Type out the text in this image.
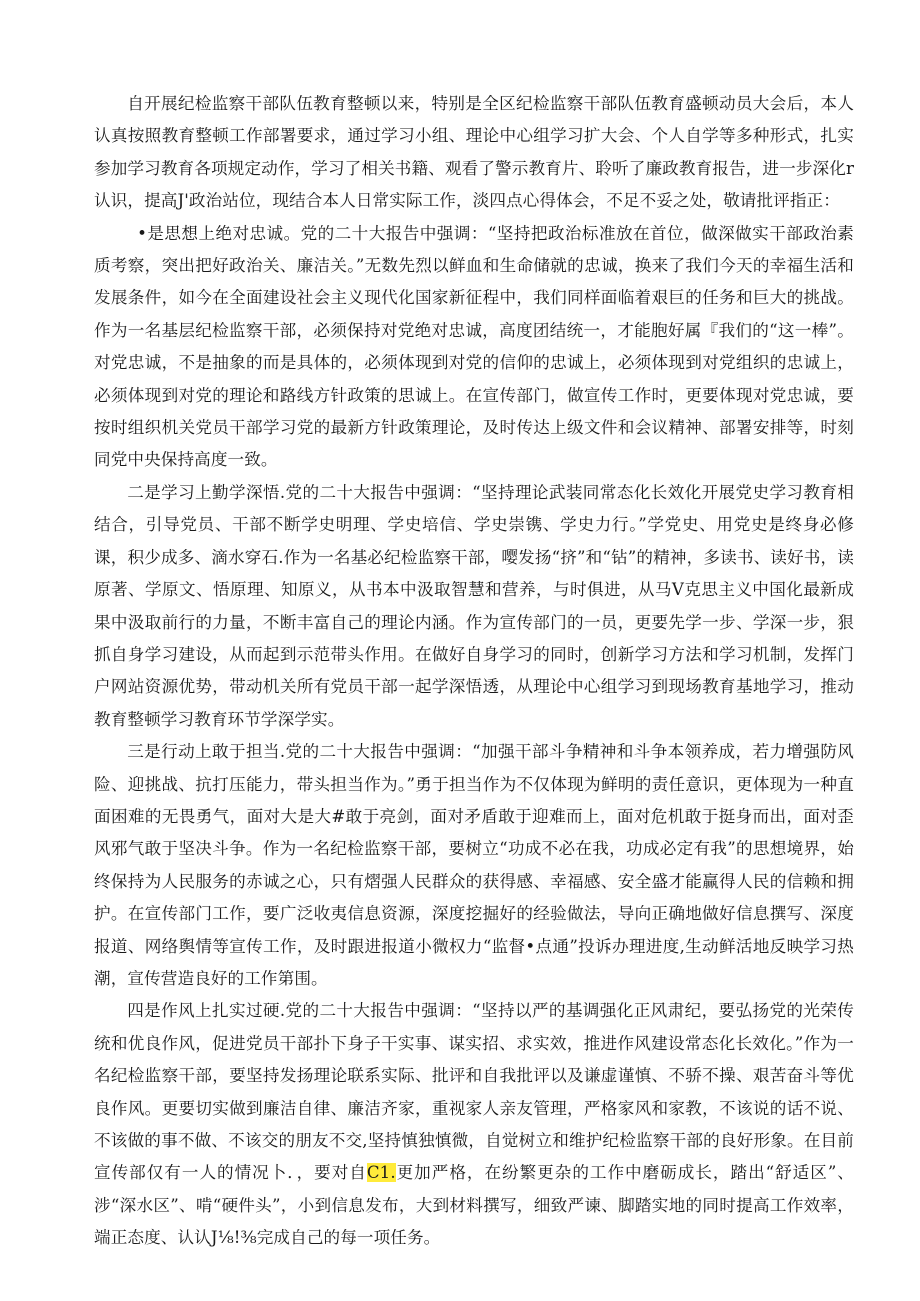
自开展纪检监察干部队伍教育整顿以来，特别是全区纪检监察干部队伍教育盛顿动员大会后，本人认真按照教育整顿工作部署要求，通过学习小组、理论中心组学习扩大会、个人自学等多种形式，扎实参加学习教育各项规定动作，学习了相关书籍、观看了警示教育片、聆听了廉政教育报告，进一步深化r认识，提高J'政治站位，现结合本人日常实际工作，淡四点心得体会，不足不妥之处，敬请批评指正：

•是思想上绝对忠诚。党的二十大报告中强调：“坚持把政治标准放在首位，做深做实干部政治素质考察，突出把好政治关、廉洁关。”无数先烈以鲜血和生命储就的忠诚，换来了我们今天的幸福生活和发展条件，如今在全面建设社会主义现代化国家新征程中，我们同样面临着艰巨的任务和巨大的挑战。作为一名基层纪检监察干部，必须保持对党绝对忠诚，高度团结统一，才能胞好属『我们的“这一棒”。对党忠诚，不是抽象的而是具体的，必须体现到对党的信仰的忠诚上，必须体现到对党组织的忠诚上，必须体现到对党的理论和路线方针政策的思诚上。在宣传部门，做宣传工作时，更要体现对党忠诚，要按时组织机关党员干部学习党的最新方针政策理论，及时传达上级文件和会议精神、部署安排等，时刻同党中央保持高度一致。

二是学习上勤学深悟.党的二十大报告中强调：“坚持理论武装同常态化长效化开展党史学习教育相结合，引导党员、干部不断学史明理、学史培信、学史崇镌、学史力行。”学党史、用党史是终身必修课，积少成多、滴水穿石.作为一名基必纪检监察干部，嘤发扬“挤”和“钻”的精神，多读书、读好书，读原著、学原文、悟原理、知原义，从书本中汲取智慧和营养，与时俱进，从马V克思主义中国化最新成果中汲取前行的力量，不断丰富自己的理论内涵。作为宣传部门的一员，更要先学一步、学深一步，狠抓自身学习建设，从而起到示范带头作用。在做好自身学习的同时，创新学习方法和学习机制，发挥门户网站资源优势，带动机关所有党员干部一起学深悟透，从理论中心组学习到现场教育基地学习，推动教育整顿学习教育环节学深学实。

三是行动上敢于担当.党的二十大报告中强调：“加强干部斗争精神和斗争本领养成，若力增强防风险、迎挑战、抗打压能力，带头担当作为。”勇于担当作为不仅体现为鲜明的责任意识，更体现为一种直面困难的无畏勇气，面对大是大#敢于亮剑，面对矛盾敢于迎难而上，面对危机敢于挺身而出，面对歪风邪气敢于坚决斗争。作为一名纪检监察干部，要树立“功成不必在我，功成必定有我”的思想境界，始终保持为人民服务的赤诚之心，只有熠强人民群众的获得感、幸福感、安全盛才能赢得人民的信赖和拥护。在宣传部门工作，要广泛收夷信息资源，深度挖掘好的经验做法，导向正确地做好信息撰写、深度报道、网络舆情等宣传工作，及时跟进报道小微权力“监督•点通”投诉办理进度,生动鲜活地反映学习热潮，宣传营造良好的工作第围。

四是作风上扎实过硬.党的二十大报告中强调：“坚持以严的基调强化正风肃纪，要弘扬党的光荣传统和优良作风，促进党员干部扑下身子干实事、谋实招、求实效，推进作风建设常态化长效化。”作为一名纪检监察干部，要坚持发扬理论联系实际、批评和自我批评以及谦虚谨慎、不骄不操、艰苦奋斗等优良作风。更要切实做到廉洁自律、廉洁齐家，重视家人亲友管理，严格家风和家教，不该说的话不说、不该做的事不做、不该交的朋友不交,坚持慎独慎微，自觉树立和维护纪检监察干部的良好形象。在目前宣传部仅有一人的情况卜．，要对自C1.更加严格，在纷繁更杂的工作中磨砺成长，踏出“舒适区”、涉“深水区”、啃“硬件头”，小到信息发布，大到材料撰写，细致严谏、脚踏实地的同时提高工作效率，端正态度、认认J⅛!⅜完成自己的每一项任务。
